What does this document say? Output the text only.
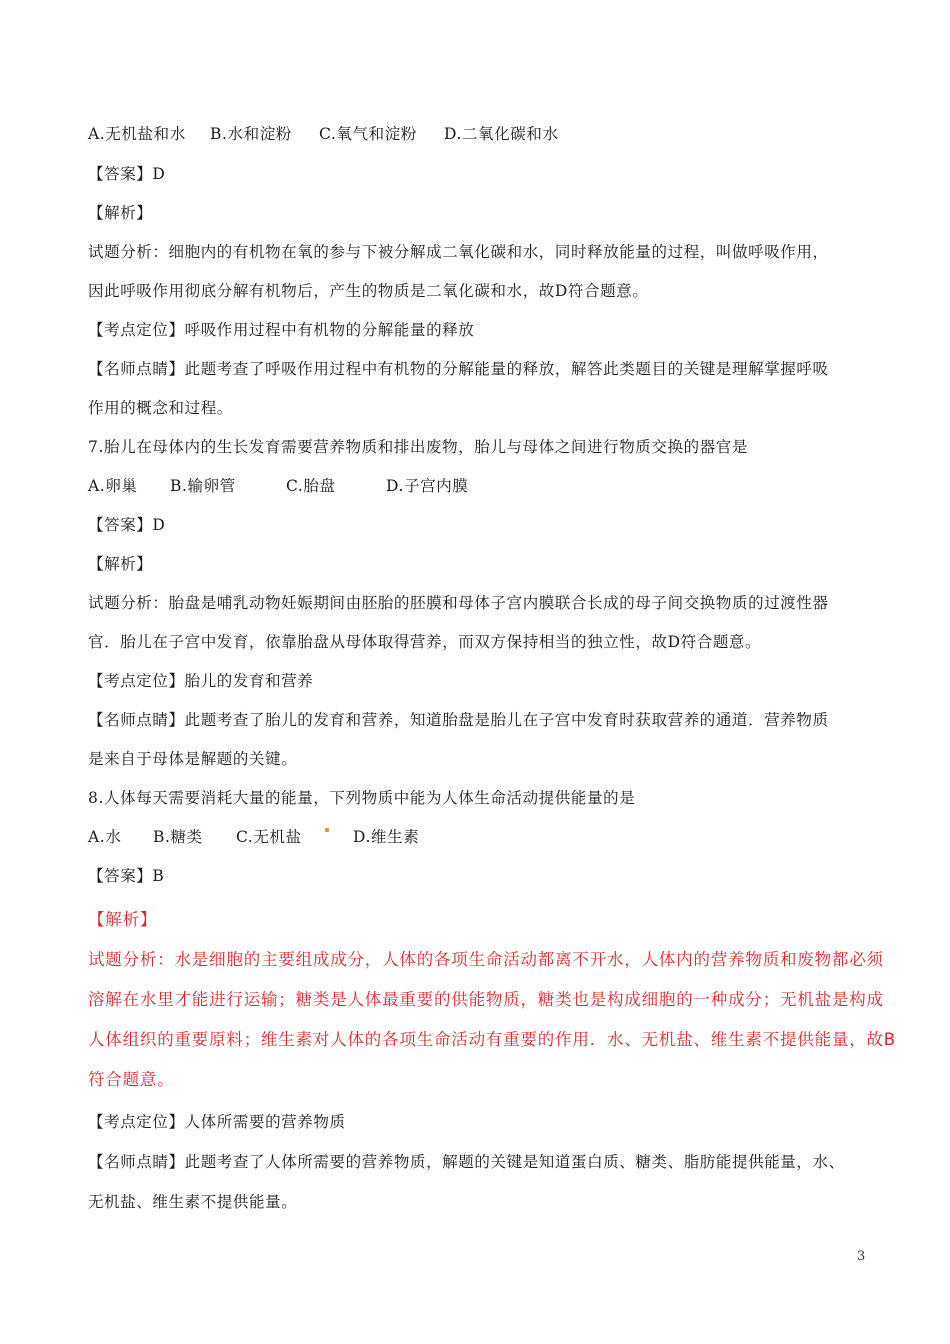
A.无机盐和水 B.水和淀粉 C.氧气和淀粉 D.二氧化碳和水
【答案】D
【解析】
试题分析：细胞内的有机物在氧的参与下被分解成二氧化碳和水，同时释放能量的过程，叫做呼吸作用，
因此呼吸作用彻底分解有机物后，产生的物质是二氧化碳和水，故D符合题意。
【考点定位】呼吸作用过程中有机物的分解能量的释放
【名师点睛】此题考查了呼吸作用过程中有机物的分解能量的释放，解答此类题目的关键是理解掌握呼吸
作用的概念和过程。
7.胎儿在母体内的生长发育需要营养物质和排出废物，胎儿与母体之间进行物质交换的器官是
A.卵巢 B.输卵管	C.胎盘	D.子宫内膜
【答案】D
【解析】
试题分析：胎盘是哺乳动物妊娠期间由胚胎的胚膜和母体子宫内膜联合长成的母子间交换物质的过渡性器
官．胎儿在子宫中发育，依靠胎盘从母体取得营养，而双方保持相当的独立性，故D符合题意。
【考点定位】胎儿的发育和营养
【名师点睛】此题考查了胎儿的发育和营养，知道胎盘是胎儿在子宫中发育时获取营养的通道．营养物质
是来自于母体是解题的关键。
8.人体每天需要消耗大量的能量，下列物质中能为人体生命活动提供能量的是
A.水 B.糖类 C.无机盐	D.维生素
【答案】B
【解析】
试题分析：水是细胞的主要组成成分，人体的各项生命活动都离不开水，人体内的营养物质和废物都必须
溶解在水里才能进行运输；糖类是人体最重要的供能物质，糖类也是构成细胞的一种成分；无机盐是构成
人体组织的重要原料；维生素对人体的各项生命活动有重要的作用．水、无机盐、维生素不提供能量，故B
符合题意。
【考点定位】人体所需要的营养物质
【名师点睛】此题考查了人体所需要的营养物质，解题的关键是知道蛋白质、糖类、脂肪能提供能量，水、
无机盐、维生素不提供能量。
3
